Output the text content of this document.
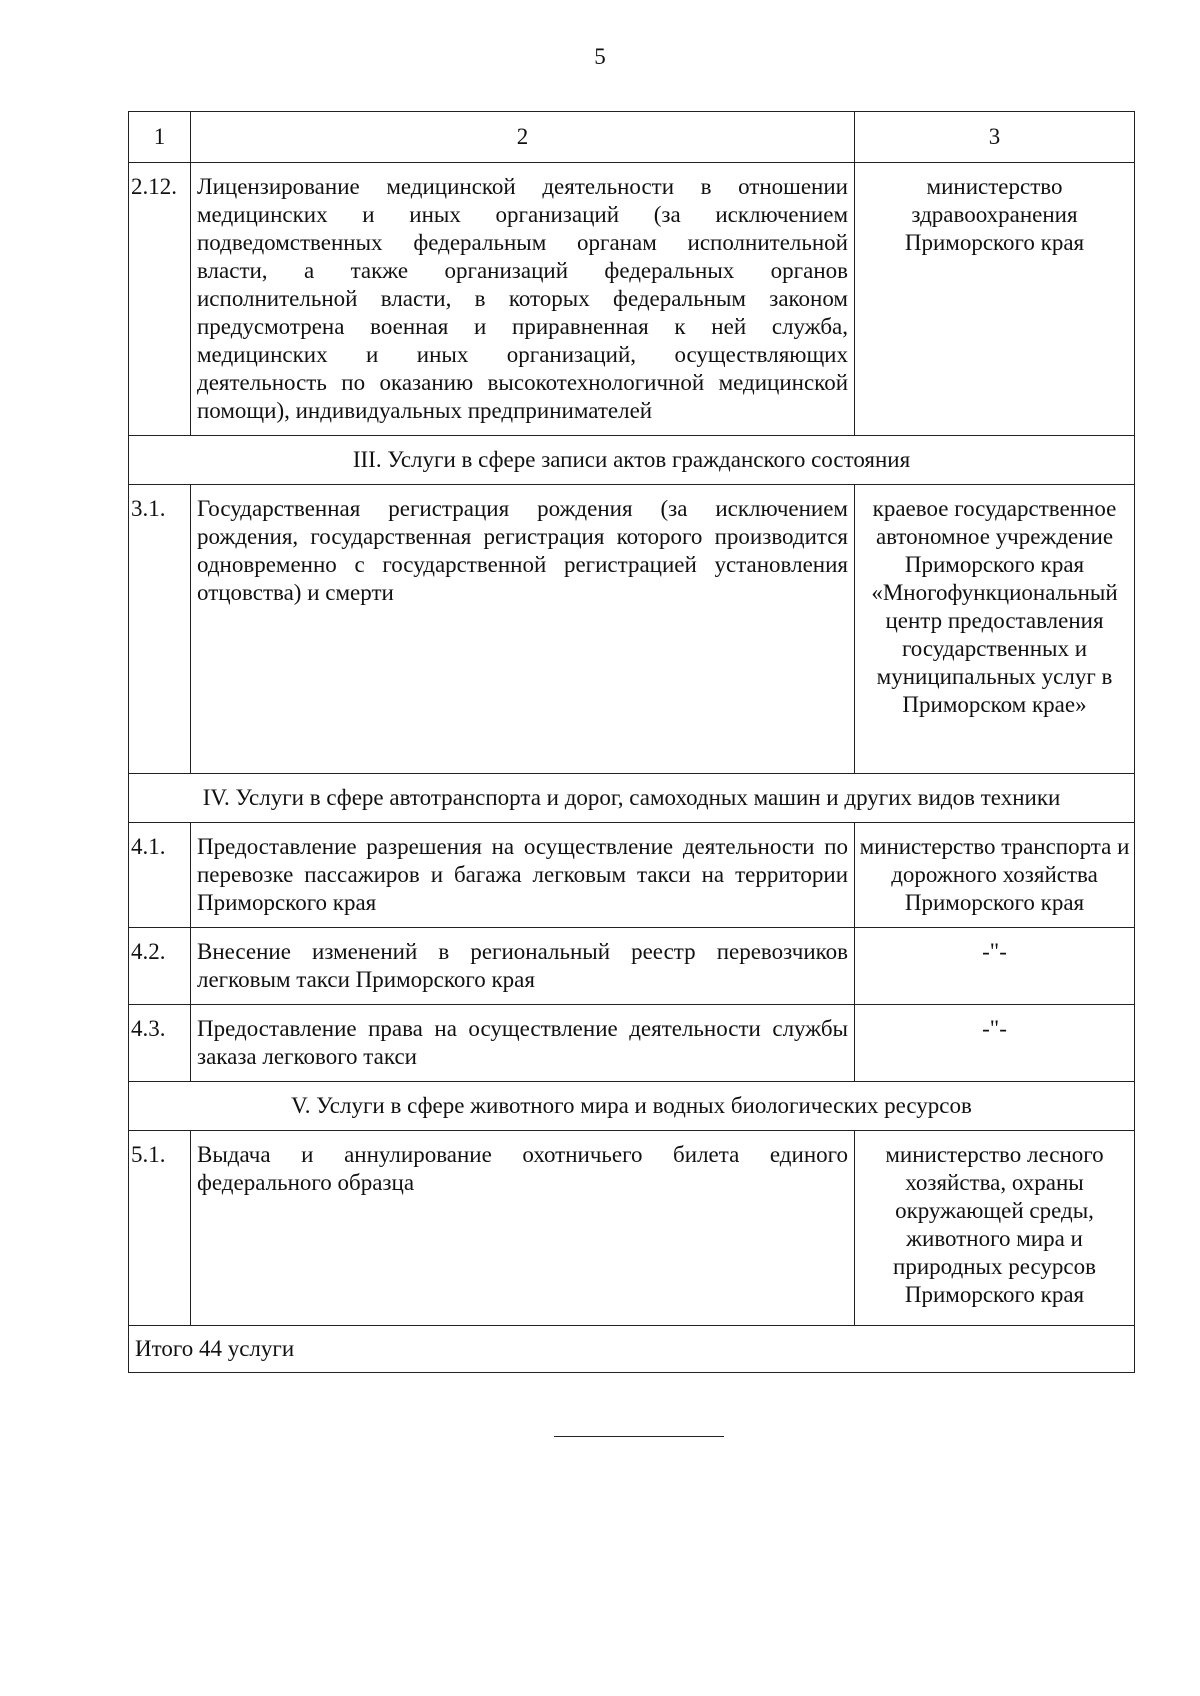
5
1	2	3
2.12.	Лицензирование медицинской деятельности в отношении медицинских и иных организаций (за исключением подведомственных федеральным органам исполнительной власти, а также организаций федеральных органов исполнительной власти, в которых федеральным законом предусмотрена военная и приравненная к ней служба, медицинских и иных организаций, осуществляющих деятельность по оказанию высокотехнологичной медицинской помощи), индивидуальных предпринимателей	министерство здравоохранения Приморского края
III. Услуги в сфере записи актов гражданского состояния		
3.1.	Государственная регистрация рождения (за исключением рождения, государственная регистрация которого производится одновременно с государственной регистрацией установления отцовства) и смерти	краевое государственное автономное учреждение Приморского края «Многофункциональный центр предоставления государственных и муниципальных услуг в Приморском крае»
IV. Услуги в сфере автотранспорта и дорог, самоходных машин и других видов техники		
4.1.	Предоставление разрешения на осуществление деятельности по перевозке пассажиров и багажа легковым такси на территории Приморского края	министерство транспорта и дорожного хозяйства Приморского края
4.2.	Внесение изменений в региональный реестр перевозчиков легковым такси Приморского края	-"-
4.3.	Предоставление права на осуществление деятельности службы заказа легкового такси	-"-
V. Услуги в сфере животного мира и водных биологических ресурсов		
5.1.	Выдача и аннулирование охотничьего билета единого федерального образца	министерство лесного хозяйства, охраны окружающей среды, животного мира и природных ресурсов Приморского края
Итого 44 услуги		
